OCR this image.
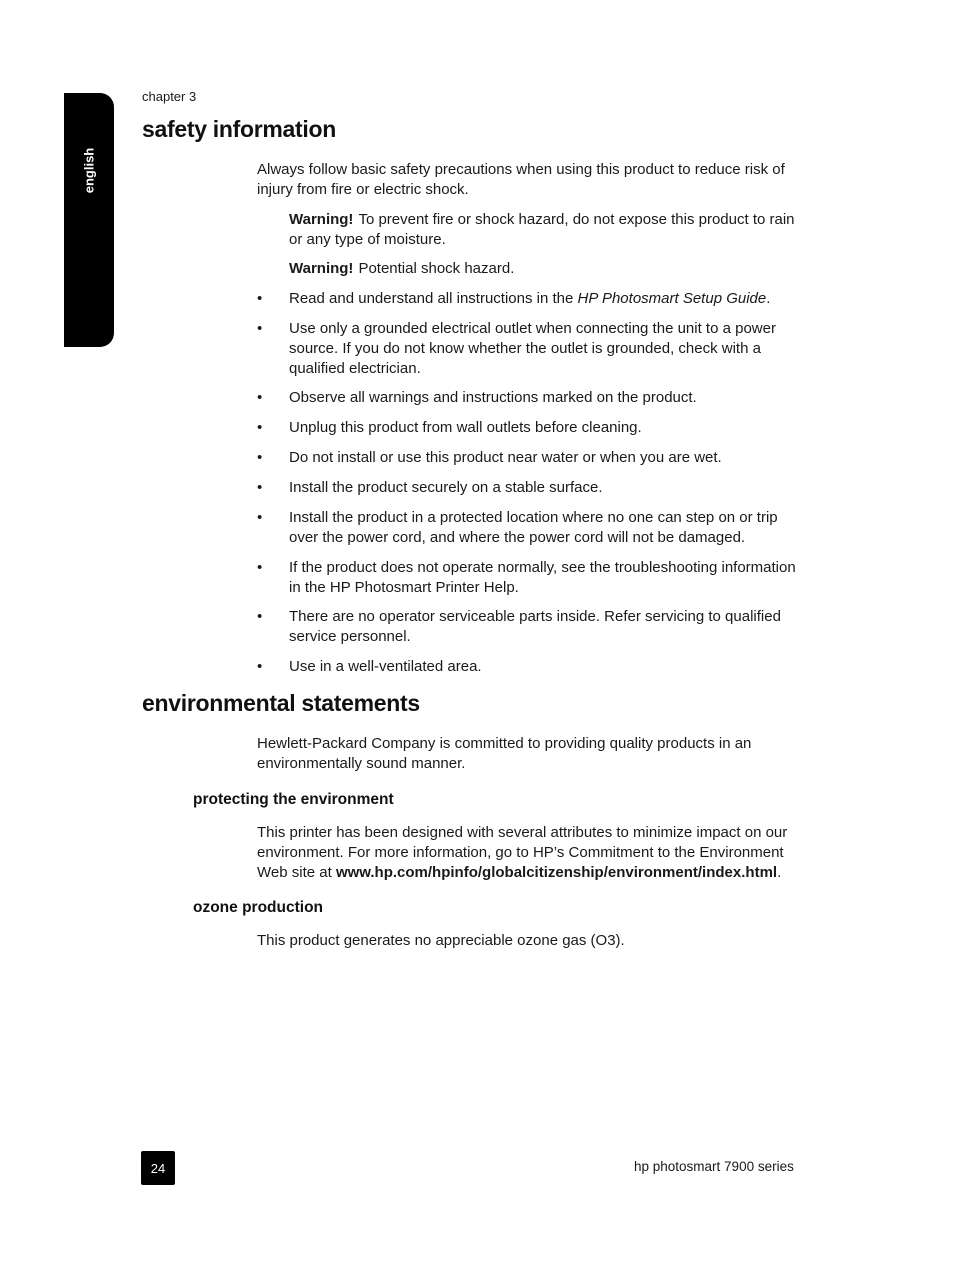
english
chapter 3
safety information
Always follow basic safety precautions when using this product to reduce risk of injury from fire or electric shock.
Warning! To prevent fire or shock hazard, do not expose this product to rain or any type of moisture.
Warning! Potential shock hazard.
• Read and understand all instructions in the HP Photosmart Setup Guide.
• Use only a grounded electrical outlet when connecting the unit to a power source. If you do not know whether the outlet is grounded, check with a qualified electrician.
• Observe all warnings and instructions marked on the product.
• Unplug this product from wall outlets before cleaning.
• Do not install or use this product near water or when you are wet.
• Install the product securely on a stable surface.
• Install the product in a protected location where no one can step on or trip over the power cord, and where the power cord will not be damaged.
• If the product does not operate normally, see the troubleshooting information in the HP Photosmart Printer Help.
• There are no operator serviceable parts inside. Refer servicing to qualified service personnel.
• Use in a well-ventilated area.
environmental statements
Hewlett-Packard Company is committed to providing quality products in an environmentally sound manner.
protecting the environment
This printer has been designed with several attributes to minimize impact on our environment. For more information, go to HP’s Commitment to the Environment Web site at www.hp.com/hpinfo/globalcitizenship/environment/index.html.
ozone production
This product generates no appreciable ozone gas (O3).
24	hp photosmart 7900 series
